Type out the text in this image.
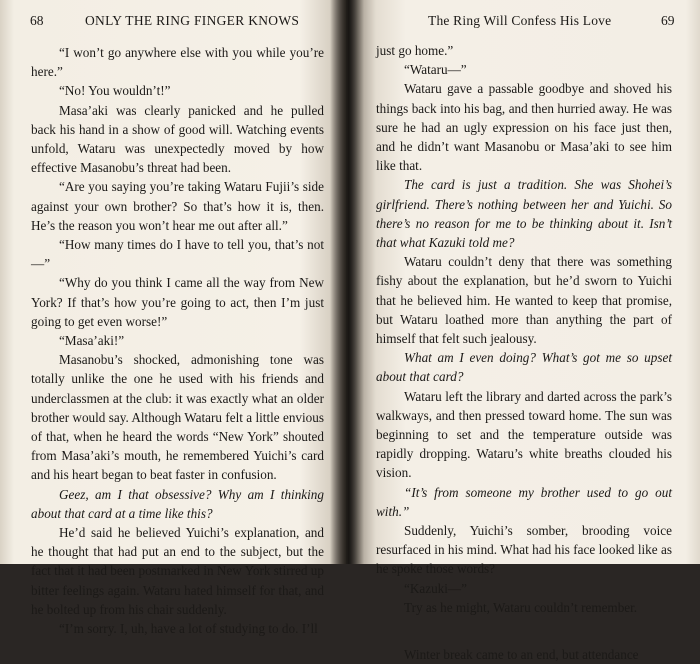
68	ONLY THE RING FINGER KNOWS

“I won’t go anywhere else with you while you’re here.”

“No! You wouldn’t!”

Masa’aki was clearly panicked and he pulled back his hand in a show of good will. Watching events unfold, Wataru was unexpectedly moved by how effective Masanobu’s threat had been.

“Are you saying you’re taking Wataru Fujii’s side against your own brother? So that’s how it is, then. He’s the reason you won’t hear me out after all.”

“How many times do I have to tell you, that’s not—”

“Why do you think I came all the way from New York? If that’s how you’re going to act, then I’m just going to get even worse!”

“Masa’aki!”

Masanobu’s shocked, admonishing tone was totally unlike the one he used with his friends and underclassmen at the club: it was exactly what an older brother would say. Although Wataru felt a little envious of that, when he heard the words “New York” shouted from Masa’aki’s mouth, he remembered Yuichi’s card and his heart began to beat faster in confusion.

Geez, am I that obsessive? Why am I thinking about that card at a time like this?

He’d said he believed Yuichi’s explanation, and he thought that had put an end to the subject, but the fact that it had been postmarked in New York stirred up bitter feelings again. Wataru hated himself for that, and he bolted up from his chair suddenly.

“I’m sorry. I, uh, have a lot of studying to do. I’ll

The Ring Will Confess His Love	69

just go home.”

“Wataru—”

Wataru gave a passable goodbye and shoved his things back into his bag, and then hurried away. He was sure he had an ugly expression on his face just then, and he didn’t want Masanobu or Masa’aki to see him like that.

The card is just a tradition. She was Shohei’s girlfriend. There’s nothing between her and Yuichi. So there’s no reason for me to be thinking about it. Isn’t that what Kazuki told me?

Wataru couldn’t deny that there was something fishy about the explanation, but he’d sworn to Yuichi that he believed him. He wanted to keep that promise, but Wataru loathed more than anything the part of himself that felt such jealousy.

What am I even doing? What’s got me so upset about that card?

Wataru left the library and darted across the park’s walkways, and then pressed toward home. The sun was beginning to set and the temperature outside was rapidly dropping. Wataru’s white breaths clouded his vision.

“It’s from someone my brother used to go out with.”

Suddenly, Yuichi’s somber, brooding voice resurfaced in his mind. What had his face looked like as he spoke those words?

“Kazuki—”

Try as he might, Wataru couldn’t remember.

Winter break came to an end, but attendance
